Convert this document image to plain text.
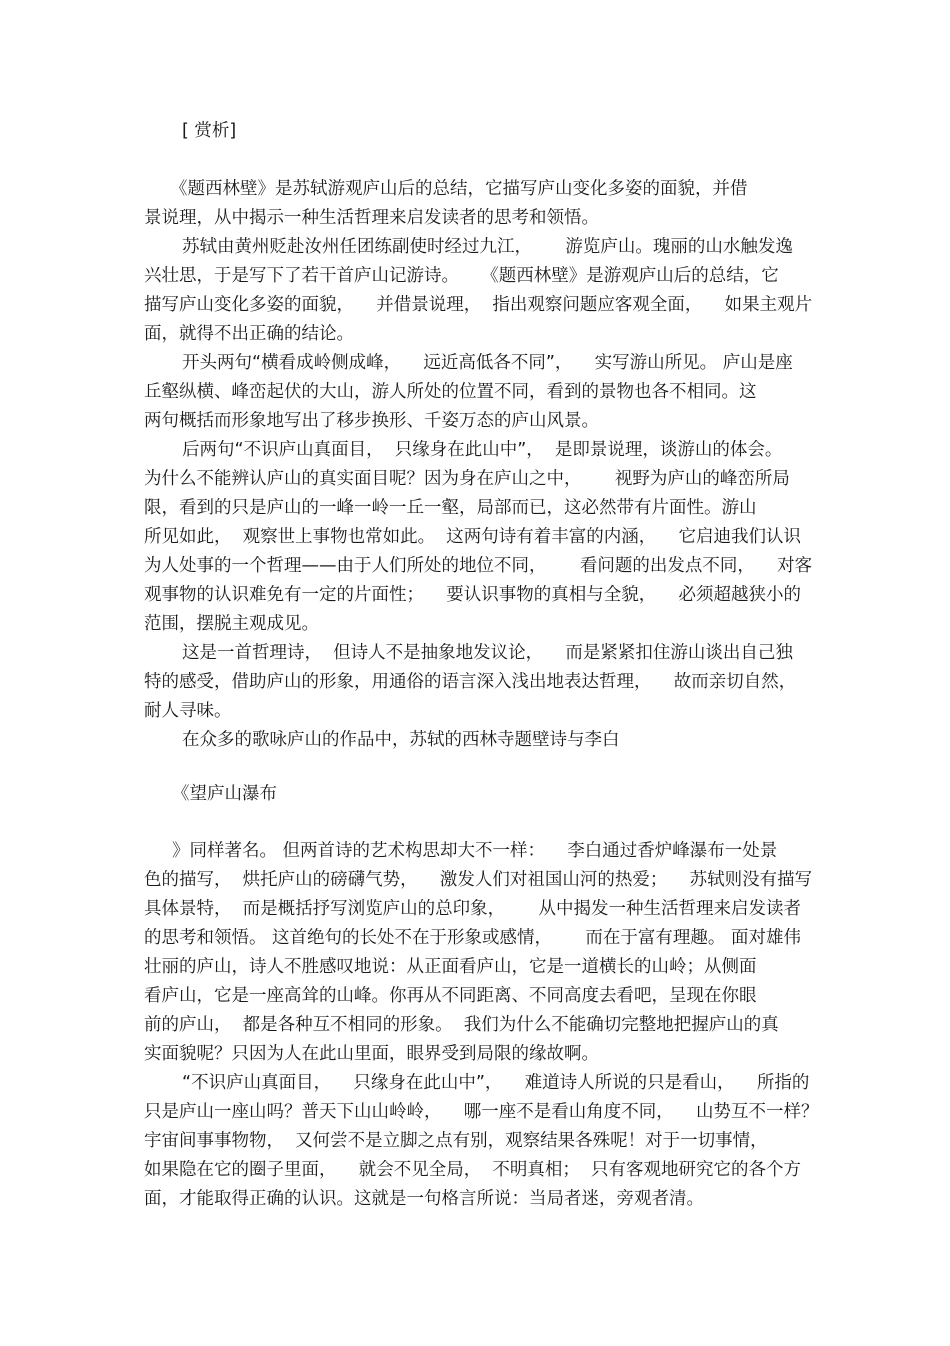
[ 赏析]
《题西林壁》是苏轼游观庐山后的总结，它描写庐山变化多姿的面貌，并借
景说理，从中揭示一种生活哲理来启发读者的思考和领悟。
苏轼由黄州贬赴汝州任团练副使时经过九江，      游览庐山。瑰丽的山水触发逸
兴壮思，于是写下了若干首庐山记游诗。    《题西林壁》是游观庐山后的总结，它
描写庐山变化多姿的面貌，    并借景说理，  指出观察问题应客观全面，    如果主观片
面，就得不出正确的结论。
开头两句“横看成岭侧成峰，    远近高低各不同”，    实写游山所见。 庐山是座
丘壑纵横、峰峦起伏的大山，游人所处的位置不同，看到的景物也各不相同。这
两句概括而形象地写出了移步换形、千姿万态的庐山风景。
后两句“不识庐山真面目，  只缘身在此山中”，  是即景说理，谈游山的体会。
为什么不能辨认庐山的真实面目呢？因为身在庐山之中，      视野为庐山的峰峦所局
限，看到的只是庐山的一峰一岭一丘一壑，局部而已，这必然带有片面性。游山
所见如此，  观察世上事物也常如此。  这两句诗有着丰富的内涵，    它启迪我们认识
为人处事的一个哲理——由于人们所处的地位不同，      看问题的出发点不同，    对客
观事物的认识难免有一定的片面性；    要认识事物的真相与全貌，    必须超越狭小的
范围，摆脱主观成见。
这是一首哲理诗，  但诗人不是抽象地发议论，    而是紧紧扣住游山谈出自己独
特的感受，借助庐山的形象，用通俗的语言深入浅出地表达哲理，    故而亲切自然，
耐人寻味。
在众多的歌咏庐山的作品中，苏轼的西林寺题壁诗与李白
《望庐山瀑布
》同样著名。 但两首诗的艺术构思却大不一样：    李白通过香炉峰瀑布一处景
色的描写，  烘托庐山的磅礴气势，    激发人们对祖国山河的热爱；    苏轼则没有描写
具体景特，  而是概括抒写浏览庐山的总印象，      从中揭发一种生活哲理来启发读者
的思考和领悟。 这首绝句的长处不在于形象或感情，      而在于富有理趣。 面对雄伟
壮丽的庐山，诗人不胜感叹地说：从正面看庐山，它是一道横长的山岭；从侧面
看庐山，它是一座高耸的山峰。你再从不同距离、不同高度去看吧，呈现在你眼
前的庐山，  都是各种互不相同的形象。  我们为什么不能确切完整地把握庐山的真
实面貌呢？只因为人在此山里面，眼界受到局限的缘故啊。
“不识庐山真面目，    只缘身在此山中”，    难道诗人所说的只是看山，    所指的
只是庐山一座山吗？普天下山山岭岭，    哪一座不是看山角度不同，    山势互不一样？
宇宙间事事物物，  又何尝不是立脚之点有别，观察结果各殊呢！对于一切事情，
如果隐在它的圈子里面，    就会不见全局，  不明真相；  只有客观地研究它的各个方
面，才能取得正确的认识。这就是一句格言所说：当局者迷，旁观者清。
